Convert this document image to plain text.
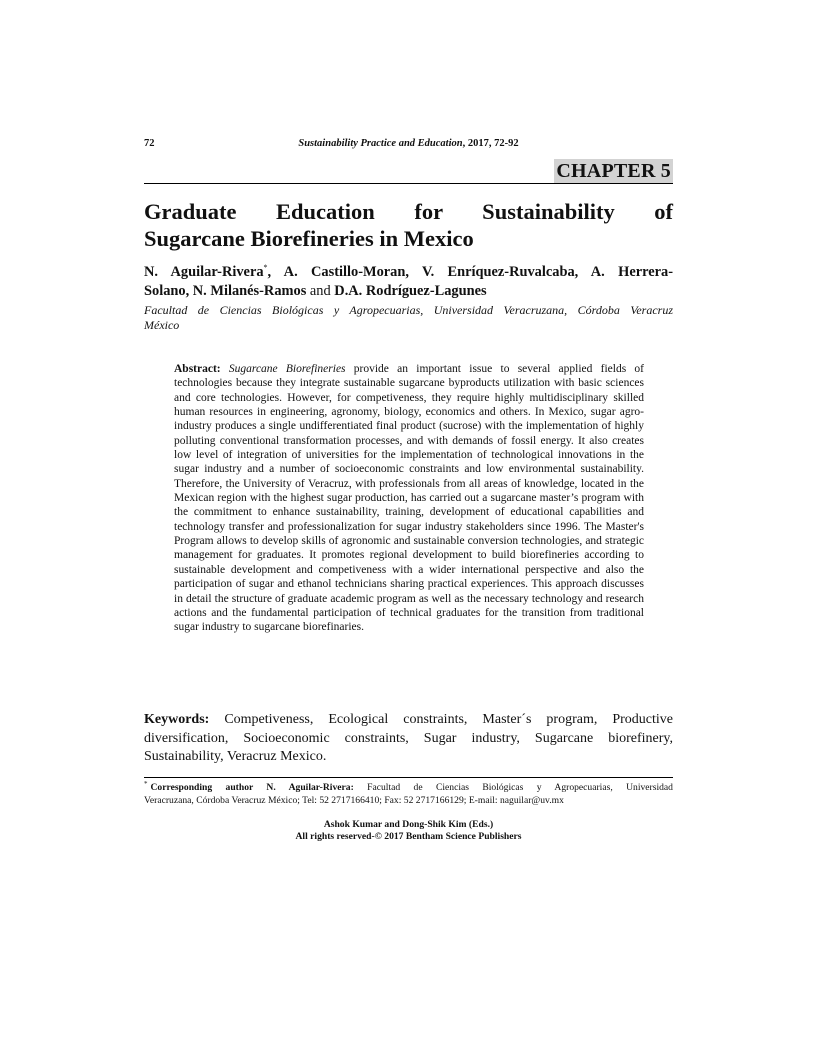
72	Sustainability Practice and Education, 2017, 72-92
CHAPTER 5
Graduate Education for Sustainability of
Sugarcane Biorefineries in Mexico
N. Aguilar-Rivera*, A. Castillo-Moran, V. Enríquez-Ruvalcaba, A. Herrera-
Solano, N. Milanés-Ramos and D.A. Rodríguez-Lagunes
Facultad de Ciencias Biológicas y Agropecuarias, Universidad Veracruzana, Córdoba Veracruz
México
Abstract: Sugarcane Biorefineries provide an important issue to several applied fields of technologies because they integrate sustainable sugarcane byproducts utilization with basic sciences and core technologies. However, for competiveness, they require highly multidisciplinary skilled human resources in engineering, agronomy, biology, economics and others. In Mexico, sugar agro-industry produces a single undifferentiated final product (sucrose) with the implementation of highly polluting conventional transformation processes, and with demands of fossil energy. It also creates low level of integration of universities for the implementation of technological innovations in the sugar industry and a number of socioeconomic constraints and low environmental sustainability. Therefore, the University of Veracruz, with professionals from all areas of knowledge, located in the Mexican region with the highest sugar production, has carried out a sugarcane master’s program with the commitment to enhance sustainability, training, development of educational capabilities and technology transfer and professionalization for sugar industry stakeholders since 1996. The Master's Program allows to develop skills of agronomic and sustainable conversion technologies, and strategic management for graduates. It promotes regional development to build biorefineries according to sustainable development and competiveness with a wider international perspective and also the participation of sugar and ethanol technicians sharing practical experiences. This approach discusses in detail the structure of graduate academic program as well as the necessary technology and research actions and the fundamental participation of technical graduates for the transition from traditional sugar industry to sugarcane biorefinaries.
Keywords: Competiveness, Ecological constraints, Master´s program, Productive diversification, Socioeconomic constraints, Sugar industry, Sugarcane biorefinery, Sustainability, Veracruz Mexico.
* Corresponding author N. Aguilar-Rivera: Facultad de Ciencias Biológicas y Agropecuarias, Universidad
Veracruzana, Córdoba Veracruz México; Tel: 52 2717166410; Fax: 52 2717166129; E-mail: naguilar@uv.mx
Ashok Kumar and Dong-Shik Kim (Eds.)
All rights reserved-© 2017 Bentham Science Publishers
